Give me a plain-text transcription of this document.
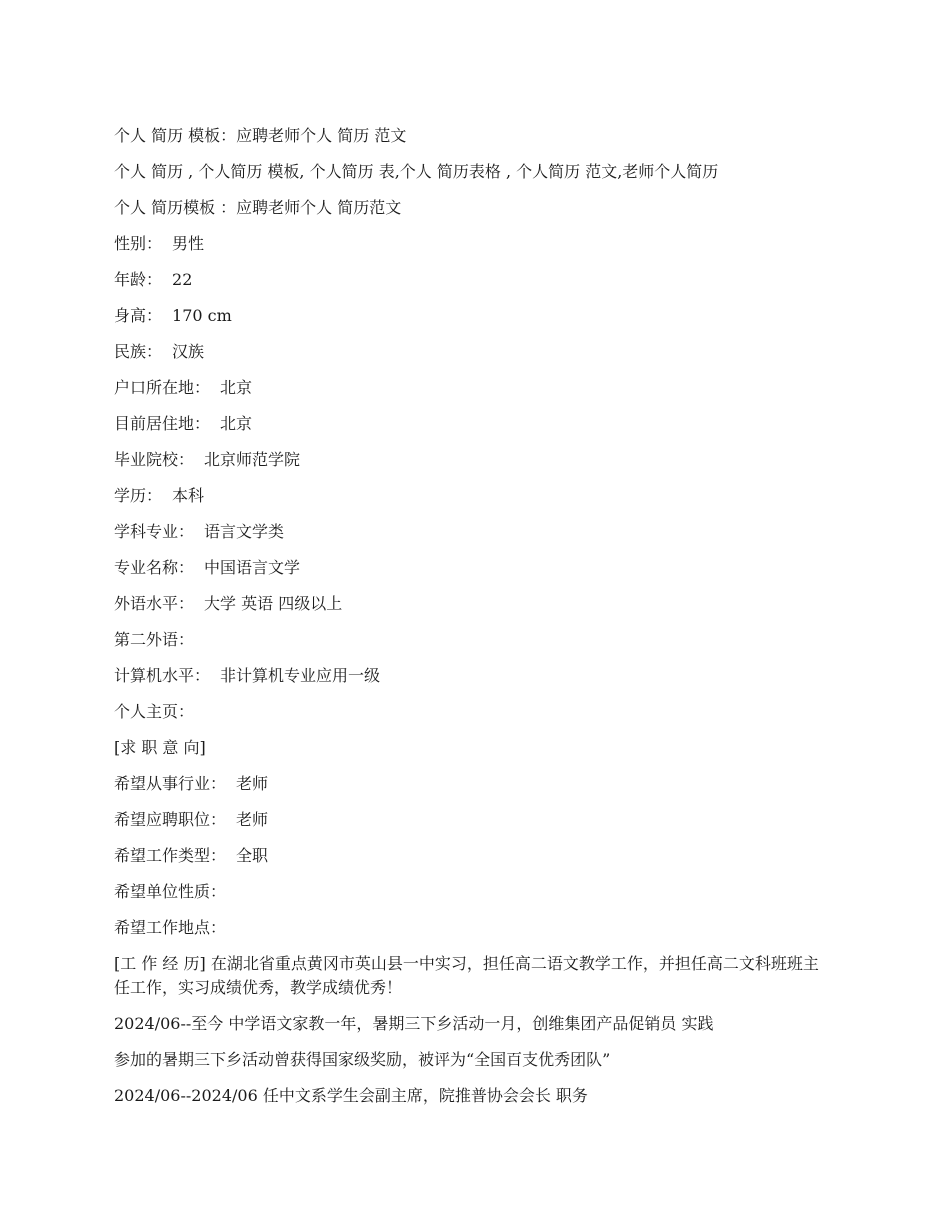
个人 简历 模板：应聘老师个人 简历 范文
个人 简历 , 个人简历 模板, 个人简历 表,个人 简历表格 , 个人简历 范文,老师个人简历
个人 简历模板 ：应聘老师个人 简历范文
性别： 男性
年龄： 22
身高： 170 cm
民族： 汉族
户口所在地： 北京
目前居住地： 北京
毕业院校： 北京师范学院
学历： 本科
学科专业： 语言文学类
专业名称： 中国语言文学
外语水平： 大学 英语 四级以上
第二外语：
计算机水平： 非计算机专业应用一级
个人主页：
[求 职 意 向]
希望从事行业： 老师
希望应聘职位： 老师
希望工作类型： 全职
希望单位性质：
希望工作地点：
[工 作 经 历] 在湖北省重点黄冈市英山县一中实习，担任高二语文教学工作，并担任高二文科班班主任工作，实习成绩优秀，教学成绩优秀！
2024/06--至今 中学语文家教一年，暑期三下乡活动一月，创维集团产品促销员 实践
参加的暑期三下乡活动曾获得国家级奖励，被评为“全国百支优秀团队”
2024/06--2024/06 任中文系学生会副主席，院推普协会会长 职务
